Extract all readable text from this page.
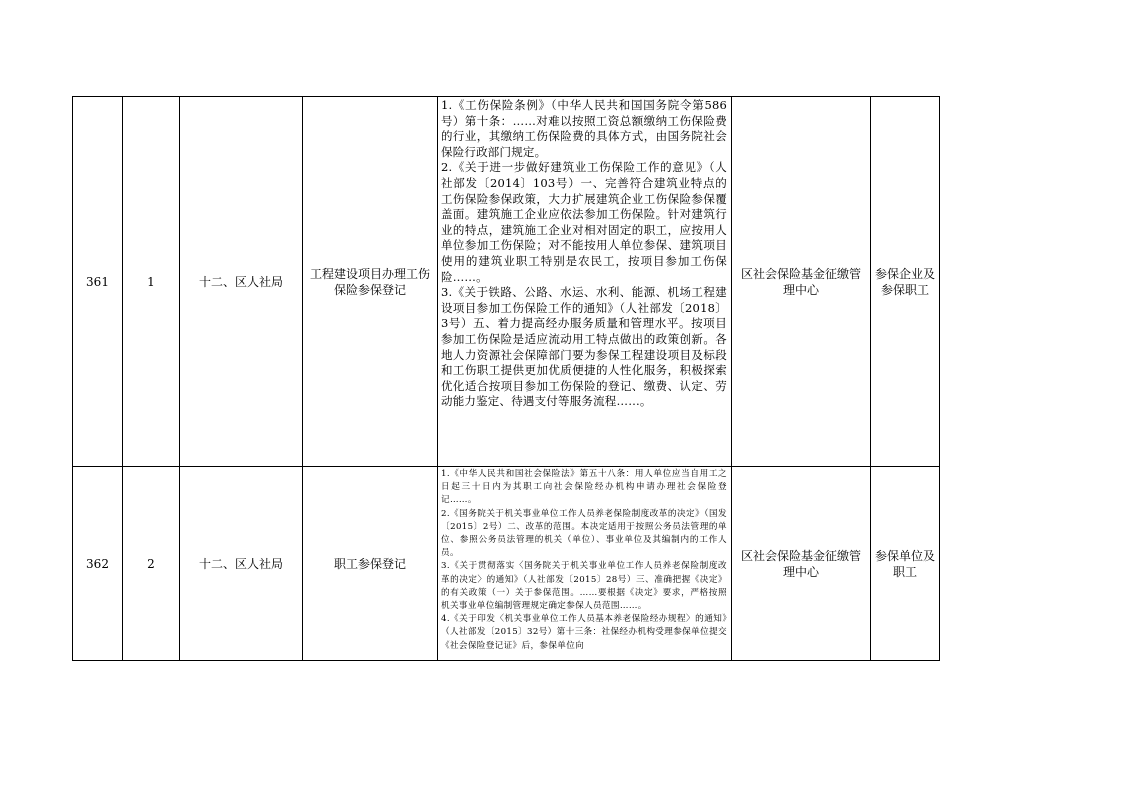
361	1	十二、区人社局	工程建设项目办理工伤保险参保登记	1.《工伤保险条例》（中华人民共和国国务院令第586号）第十条：……对难以按照工资总额缴纳工伤保险费的行业，其缴纳工伤保险费的具体方式，由国务院社会保险行政部门规定。

2.《关于进一步做好建筑业工伤保险工作的意见》（人社部发〔2014〕103号）一、完善符合建筑业特点的工伤保险参保政策，大力扩展建筑企业工伤保险参保覆盖面。建筑施工企业应依法参加工伤保险。针对建筑行业的特点，建筑施工企业对相对固定的职工，应按用人单位参加工伤保险；对不能按用人单位参保、建筑项目使用的建筑业职工特别是农民工，按项目参加工伤保险……。

3.《关于铁路、公路、水运、水利、能源、机场工程建设项目参加工伤保险工作的通知》（人社部发〔2018〕3号）五、着力提高经办服务质量和管理水平。按项目参加工伤保险是适应流动用工特点做出的政策创新。各地人力资源社会保障部门要为参保工程建设项目及标段和工伤职工提供更加优质便捷的人性化服务，积极探索优化适合按项目参加工伤保险的登记、缴费、认定、劳动能力鉴定、待遇支付等服务流程……。	区社会保险基金征缴管理中心	参保企业及参保职工

362	2	十二、区人社局	职工参保登记	1.《中华人民共和国社会保险法》第五十八条：用人单位应当自用工之日起三十日内为其职工向社会保险经办机构申请办理社会保险登记……。

2.《国务院关于机关事业单位工作人员养老保险制度改革的决定》（国发〔2015〕2号）二、改革的范围。本决定适用于按照公务员法管理的单位、参照公务员法管理的机关（单位）、事业单位及其编制内的工作人员。

3.《关于贯彻落实〈国务院关于机关事业单位工作人员养老保险制度改革的决定〉的通知》（人社部发〔2015〕28号）三、准确把握《决定》的有关政策（一）关于参保范围。……要根据《决定》要求，严格按照机关事业单位编制管理规定确定参保人员范围……。

4.《关于印发〈机关事业单位工作人员基本养老保险经办规程〉的通知》（人社部发〔2015〕32号）第十三条：社保经办机构受理参保单位提交《社会保险登记证》后，参保单位向	区社会保险基金征缴管理中心	参保单位及职工
